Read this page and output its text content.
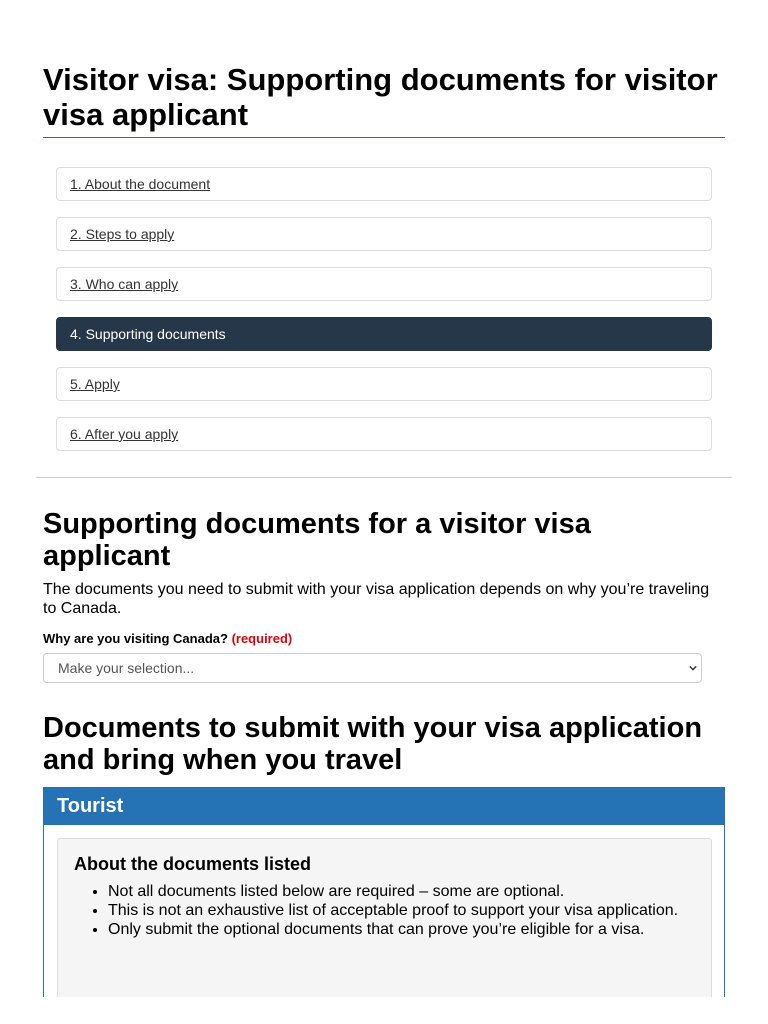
Visitor visa: Supporting documents for visitor visa applicant
1. About the document
2. Steps to apply
3. Who can apply
4. Supporting documents
5. Apply
6. After you apply
Supporting documents for a visitor visa applicant

The documents you need to submit with your visa application depends on why you’re traveling to Canada.

Why are you visiting Canada? (required)
Make your selection...
Documents to submit with your visa application and bring when you travel
Tourist
About the documents listed
• Not all documents listed below are required – some are optional.
• This is not an exhaustive list of acceptable proof to support your visa application.
• Only submit the optional documents that can prove you’re eligible for a visa.
